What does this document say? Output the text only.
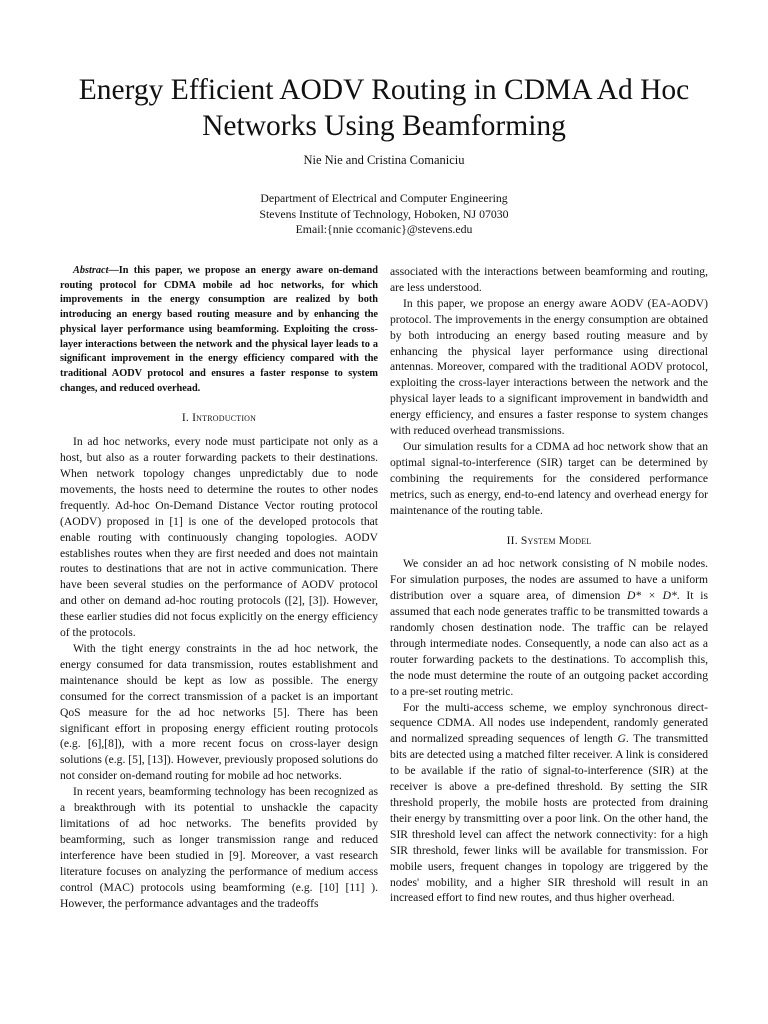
Energy Efficient AODV Routing in CDMA Ad Hoc
Networks Using Beamforming
Nie Nie and Cristina Comaniciu
Department of Electrical and Computer Engineering
Stevens Institute of Technology, Hoboken, NJ 07030
Email:{nnie ccomanic}@stevens.edu

Abstract—In this paper, we propose an energy aware on-demand routing protocol for CDMA mobile ad hoc networks, for which improvements in the energy consumption are realized by both introducing an energy based routing measure and by enhancing the physical layer performance using beamforming. Exploiting the cross-layer interactions between the network and the physical layer leads to a significant improvement in the energy efficiency compared with the traditional AODV protocol and ensures a faster response to system changes, and reduced overhead.

I. Introduction

In ad hoc networks, every node must participate not only as a host, but also as a router forwarding packets to their destinations. When network topology changes unpredictably due to node movements, the hosts need to determine the routes to other nodes frequently. Ad-hoc On-Demand Distance Vector routing protocol (AODV) proposed in [1] is one of the developed protocols that enable routing with continuously changing topologies. AODV establishes routes when they are first needed and does not maintain routes to destinations that are not in active communication. There have been several studies on the performance of AODV protocol and other on demand ad-hoc routing protocols ([2], [3]). However, these earlier studies did not focus explicitly on the energy efficiency of the protocols.

With the tight energy constraints in the ad hoc network, the energy consumed for data transmission, routes establishment and maintenance should be kept as low as possible. The energy consumed for the correct transmission of a packet is an important QoS measure for the ad hoc networks [5]. There has been significant effort in proposing energy efficient routing protocols (e.g. [6],[8]), with a more recent focus on cross-layer design solutions (e.g. [5], [13]). However, previously proposed solutions do not consider on-demand routing for mobile ad hoc networks.

In recent years, beamforming technology has been recognized as a breakthrough with its potential to unshackle the capacity limitations of ad hoc networks. The benefits provided by beamforming, such as longer transmission range and reduced interference have been studied in [9]. Moreover, a vast research literature focuses on analyzing the performance of medium access control (MAC) protocols using beamforming (e.g. [10] [11] ). However, the performance advantages and the tradeoffs

associated with the interactions between beamforming and routing, are less understood.

In this paper, we propose an energy aware AODV (EA-AODV) protocol. The improvements in the energy consumption are obtained by both introducing an energy based routing measure and by enhancing the physical layer performance using directional antennas. Moreover, compared with the traditional AODV protocol, exploiting the cross-layer interactions between the network and the physical layer leads to a significant improvement in bandwidth and energy efficiency, and ensures a faster response to system changes with reduced overhead transmissions.

Our simulation results for a CDMA ad hoc network show that an optimal signal-to-interference (SIR) target can be determined by combining the requirements for the considered performance metrics, such as energy, end-to-end latency and overhead energy for maintenance of the routing table.

II. System Model

We consider an ad hoc network consisting of N mobile nodes. For simulation purposes, the nodes are assumed to have a uniform distribution over a square area, of dimension D* × D*. It is assumed that each node generates traffic to be transmitted towards a randomly chosen destination node. The traffic can be relayed through intermediate nodes. Consequently, a node can also act as a router forwarding packets to the destinations. To accomplish this, the node must determine the route of an outgoing packet according to a pre-set routing metric.

For the multi-access scheme, we employ synchronous direct-sequence CDMA. All nodes use independent, randomly generated and normalized spreading sequences of length G. The transmitted bits are detected using a matched filter receiver. A link is considered to be available if the ratio of signal-to-interference (SIR) at the receiver is above a pre-defined threshold. By setting the SIR threshold properly, the mobile hosts are protected from draining their energy by transmitting over a poor link. On the other hand, the SIR threshold level can affect the network connectivity: for a high SIR threshold, fewer links will be available for transmission. For mobile users, frequent changes in topology are triggered by the nodes' mobility, and a higher SIR threshold will result in an increased effort to find new routes, and thus higher overhead.
